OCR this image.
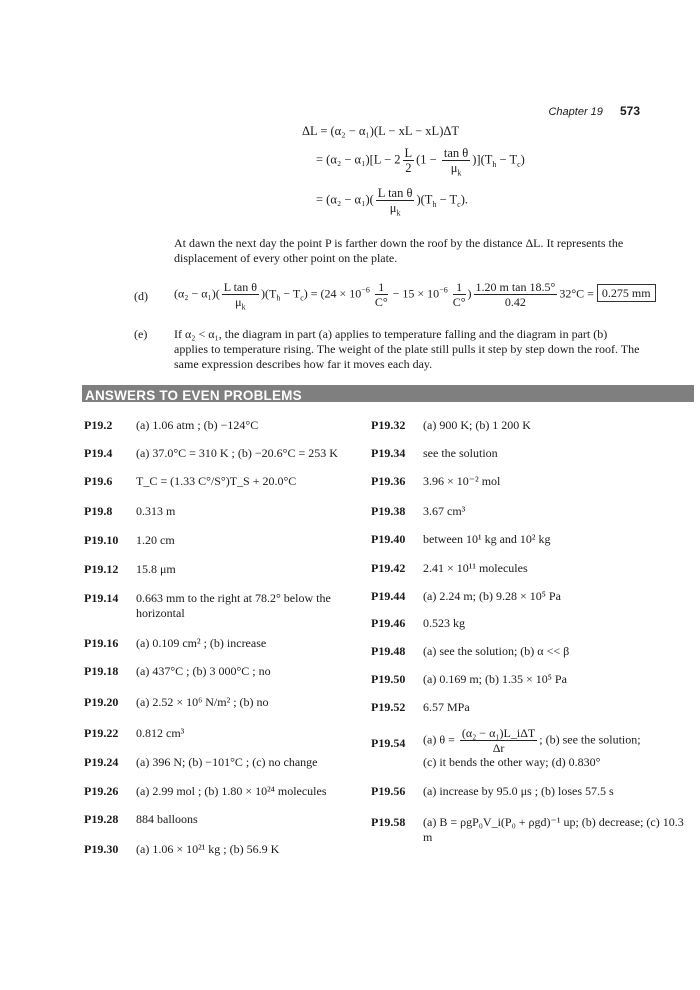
Chapter 19 573
ΔL = (α₂ − α₁)(L − xL − xL)ΔT
= $(\alpha_2 - \alpha_1)[L - 2 \frac{L}{2} (1 - \frac{\text{tan θ}}{\mu_k} )](T_h - T_c)$
= $(\alpha_2 - \alpha_1)( \frac{\text{L tan θ}}{\mu_k} )(T_h - T_c)$.
At dawn the next day the point P is farther down the roof by the distance ΔL. It represents the displacement of every other point on the plate.
(d) $(\alpha_2 - \alpha_1)( \frac{\text{L tan θ}}{\mu_k} )(T_h - T_c) = (24 \times 10^{-6} \frac{1}{C^\circ} - 15 \times 10^{-6} \frac{1}{C^\circ}$ ) $\frac{\text{1.20 m tan 18.5°}}{0.42} 32^\circ C = 0.275$ mm
(e) If α₂ < α₁, the diagram in part (a) applies to temperature falling and the diagram in part (b) applies to temperature rising. The weight of the plate still pulls it step by step down the roof. The same expression describes how far it moves each day.
ANSWERS TO EVEN PROBLEMS
P19.2 (a) 1.06 atm ; (b) −124°C
P19.4 (a) 37.0°C = 310 K ; (b) −20.6°C = 253 K
P19.6 T_C = (1.33 C°/S°)T_S + 20.0°C
P19.8 0.313 m
P19.10 1.20 cm
P19.12 15.8 μm
P19.14 0.663 mm to the right at 78.2° below the horizontal
P19.16 (a) 0.109 cm² ; (b) increase
P19.18 (a) 437°C ; (b) 3 000°C ; no
P19.20 (a) 2.52 × 10⁶ N/m² ; (b) no
P19.22 0.812 cm³
P19.24 (a) 396 N; (b) −101°C ; (c) no change
P19.26 (a) 2.99 mol ; (b) 1.80 × 10²⁴ molecules
P19.28 884 balloons
P19.30 (a) 1.06 × 10²¹ kg ; (b) 56.9 K
P19.32 (a) 900 K; (b) 1 200 K
P19.34 see the solution
P19.36 3.96 × 10⁻² mol
P19.38 3.67 cm³
P19.40 between 10¹ kg and 10² kg
P19.42 2.41 × 10¹¹ molecules
P19.44 (a) 2.24 m; (b) 9.28 × 10⁵ Pa
P19.46 0.523 kg
P19.48 (a) see the solution; (b) α << β
P19.50 (a) 0.169 m; (b) 1.35 × 10⁵ Pa
P19.52 6.57 MPa
P19.54 (a) $\theta = \frac{\text{(α₂ − α₁)L\_iΔT}}{\Delta r}$ ; (b) see the solution;
(c) it bends the other way; (d) 0.830°
P19.56 (a) increase by 95.0 μs ; (b) loses 57.5 s
P19.58 (a) B = ρgP₀V_i(P₀ + ρgd)⁻¹ up; (b) decrease; (c) 10.3 m
